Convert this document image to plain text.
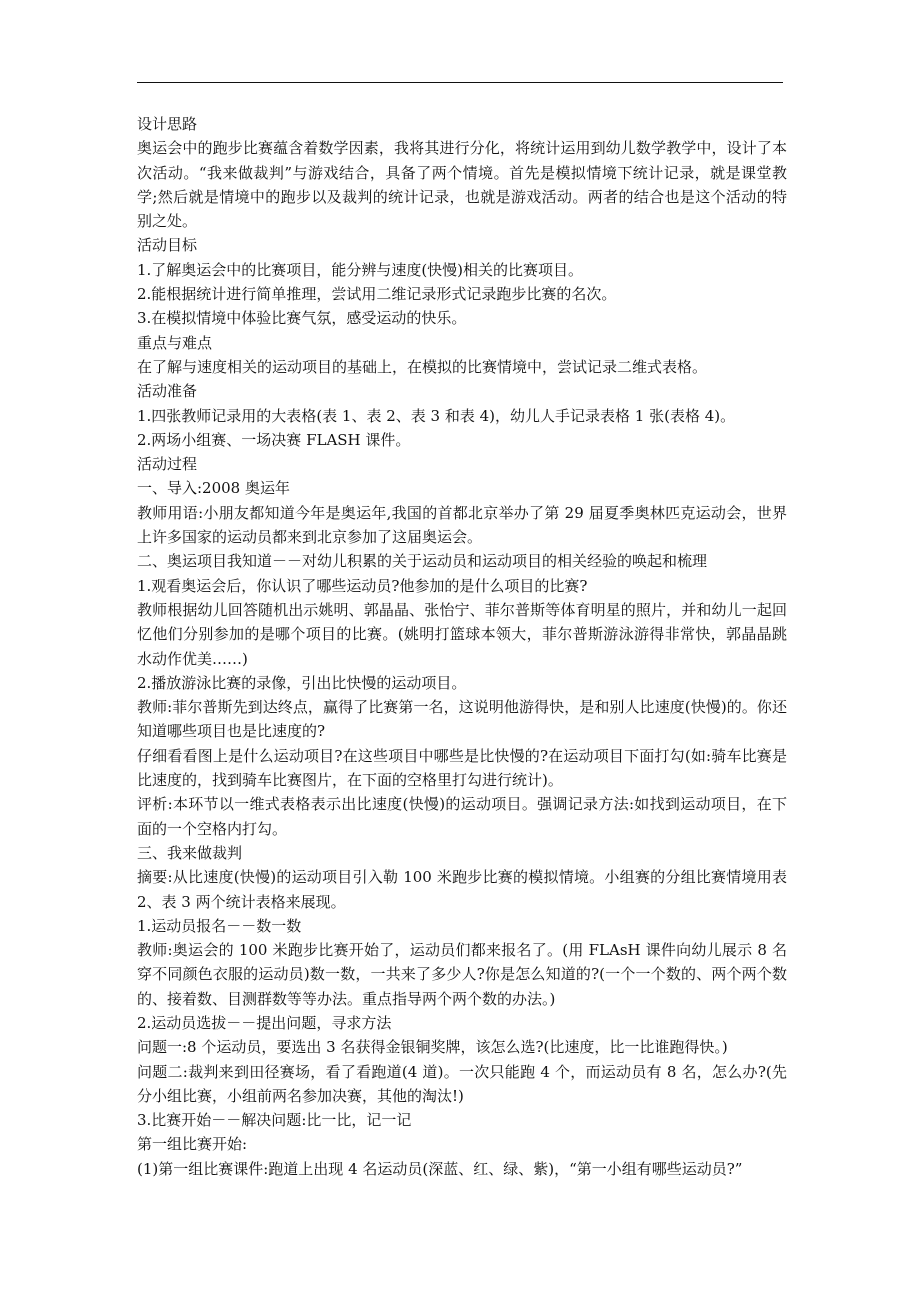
设计思路

奥运会中的跑步比赛蕴含着数学因素，我将其进行分化，将统计运用到幼儿数学教学中，设计了本次活动。“我来做裁判”与游戏结合，具备了两个情境。首先是模拟情境下统计记录，就是课堂教学;然后就是情境中的跑步以及裁判的统计记录，也就是游戏活动。两者的结合也是这个活动的特别之处。

活动目标

1.了解奥运会中的比赛项目，能分辨与速度(快慢)相关的比赛项目。

2.能根据统计进行简单推理，尝试用二维记录形式记录跑步比赛的名次。

3.在模拟情境中体验比赛气氛，感受运动的快乐。

重点与难点

在了解与速度相关的运动项目的基础上，在模拟的比赛情境中，尝试记录二维式表格。

活动准备

1.四张教师记录用的大表格(表 1、表 2、表 3 和表 4)，幼儿人手记录表格 1 张(表格 4)。

2.两场小组赛、一场决赛 FLASH 课件。

活动过程

一、导入:2008 奥运年

教师用语:小朋友都知道今年是奥运年,我国的首都北京举办了第 29 届夏季奥林匹克运动会，世界上许多国家的运动员都来到北京参加了这届奥运会。

二、奥运项目我知道－－对幼儿积累的关于运动员和运动项目的相关经验的唤起和梳理

1.观看奥运会后，你认识了哪些运动员?他参加的是什么项目的比赛?

教师根据幼儿回答随机出示姚明、郭晶晶、张怡宁、菲尔普斯等体育明星的照片，并和幼儿一起回忆他们分别参加的是哪个项目的比赛。(姚明打篮球本领大，菲尔普斯游泳游得非常快，郭晶晶跳水动作优美……)

2.播放游泳比赛的录像，引出比快慢的运动项目。

教师:菲尔普斯先到达终点，赢得了比赛第一名，这说明他游得快，是和别人比速度(快慢)的。你还知道哪些项目也是比速度的?

仔细看看图上是什么运动项目?在这些项目中哪些是比快慢的?在运动项目下面打勾(如:骑车比赛是比速度的，找到骑车比赛图片，在下面的空格里打勾进行统计)。

评析:本环节以一维式表格表示出比速度(快慢)的运动项目。强调记录方法:如找到运动项目，在下面的一个空格内打勾。

三、我来做裁判

摘要:从比速度(快慢)的运动项目引入勒 100 米跑步比赛的模拟情境。小组赛的分组比赛情境用表 2、表 3 两个统计表格来展现。

1.运动员报名－－数一数

教师:奥运会的 100 米跑步比赛开始了，运动员们都来报名了。(用 FLAsH 课件向幼儿展示 8 名穿不同颜色衣服的运动员)数一数，一共来了多少人?你是怎么知道的?(一个一个数的、两个两个数的、接着数、目测群数等等办法。重点指导两个两个数的办法。)

2.运动员选拔－－提出问题，寻求方法

问题一:8 个运动员，要选出 3 名获得金银铜奖牌，该怎么选?(比速度，比一比谁跑得快。)

问题二:裁判来到田径赛场，看了看跑道(4 道)。一次只能跑 4 个，而运动员有 8 名，怎么办?(先分小组比赛，小组前两名参加决赛，其他的淘汰!)

3.比赛开始－－解决问题:比一比，记一记

第一组比赛开始:

(1)第一组比赛课件:跑道上出现 4 名运动员(深蓝、红、绿、紫)，“第一小组有哪些运动员?”
